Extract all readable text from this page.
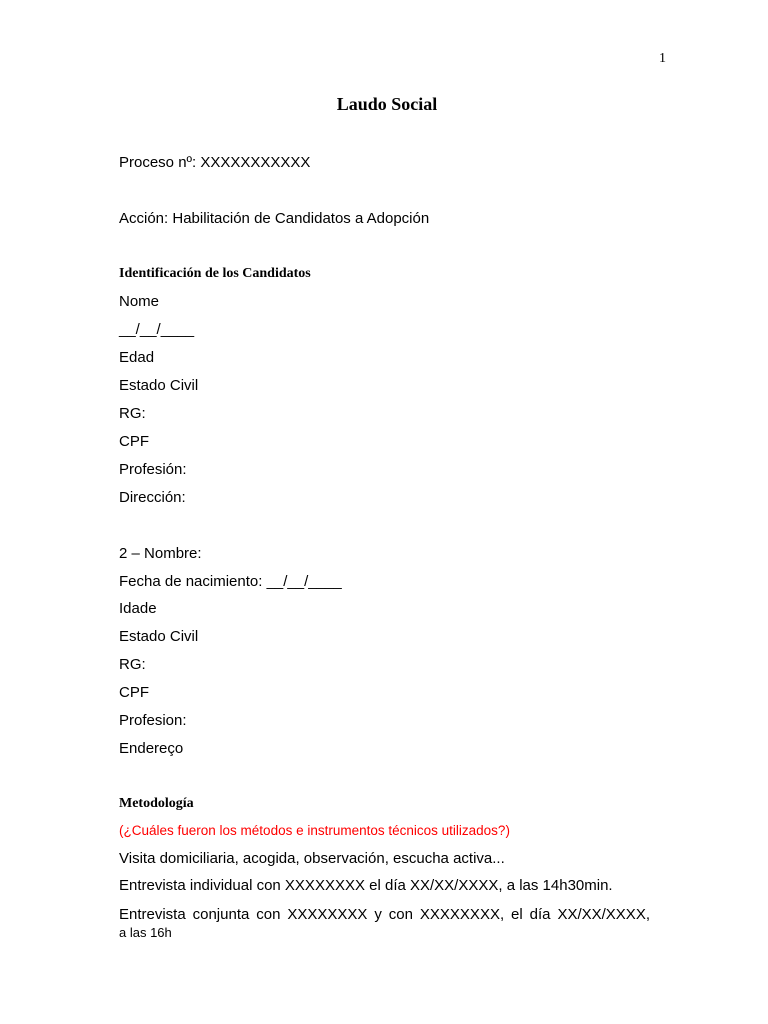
1
Laudo Social
Proceso nº: XXXXXXXXXXX
Acción: Habilitación de Candidatos a Adopción
Identificación de los Candidatos
Nome
__/__/____
Edad
Estado Civil
RG:
CPF
Profesión:
Dirección:
2 – Nombre:
Fecha de nacimiento: __/__/____
Idade
Estado Civil
RG:
CPF
Profesion:
Endereço
Metodología
(¿Cuáles fueron los métodos e instrumentos técnicos utilizados?)
Visita domiciliaria, acogida, observación, escucha activa...
Entrevista individual con XXXXXXXX el día XX/XX/XXXX, a las 14h30min.
Entrevista conjunta con XXXXXXXX y con XXXXXXXX, el día XX/XX/XXXX,
a las 16h
